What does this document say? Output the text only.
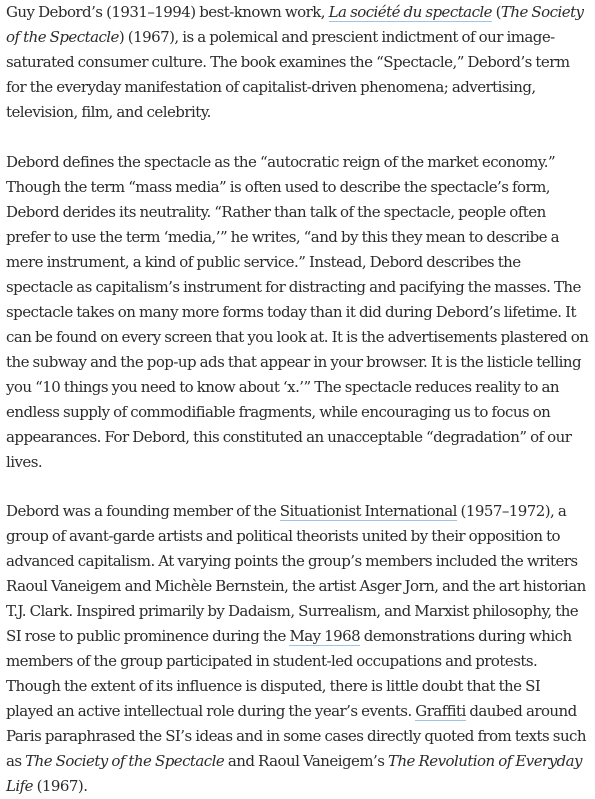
Guy Debord’s (1931–1994) best-known work, La société du spectacle (The Society of the Spectacle) (1967), is a polemical and prescient indictment of our image-saturated consumer culture. The book examines the “Spectacle,” Debord’s term for the everyday manifestation of capitalist-driven phenomena; advertising, television, film, and celebrity.

Debord defines the spectacle as the “autocratic reign of the market economy.” Though the term “mass media” is often used to describe the spectacle’s form, Debord derides its neutrality. “Rather than talk of the spectacle, people often prefer to use the term ‘media,’” he writes, “and by this they mean to describe a mere instrument, a kind of public service.” Instead, Debord describes the spectacle as capitalism’s instrument for distracting and pacifying the masses. The spectacle takes on many more forms today than it did during Debord’s lifetime. It can be found on every screen that you look at. It is the advertisements plastered on the subway and the pop-up ads that appear in your browser. It is the listicle telling you “10 things you need to know about ‘x.’” The spectacle reduces reality to an endless supply of commodifiable fragments, while encouraging us to focus on appearances. For Debord, this constituted an unacceptable “degradation” of our lives.

Debord was a founding member of the Situationist International (1957–1972), a group of avant-garde artists and political theorists united by their opposition to advanced capitalism. At varying points the group’s members included the writers Raoul Vaneigem and Michèle Bernstein, the artist Asger Jorn, and the art historian T.J. Clark. Inspired primarily by Dadaism, Surrealism, and Marxist philosophy, the SI rose to public prominence during the May 1968 demonstrations during which members of the group participated in student-led occupations and protests. Though the extent of its influence is disputed, there is little doubt that the SI played an active intellectual role during the year’s events. Graffiti daubed around Paris paraphrased the SI’s ideas and in some cases directly quoted from texts such as The Society of the Spectacle and Raoul Vaneigem’s The Revolution of Everyday Life (1967).
